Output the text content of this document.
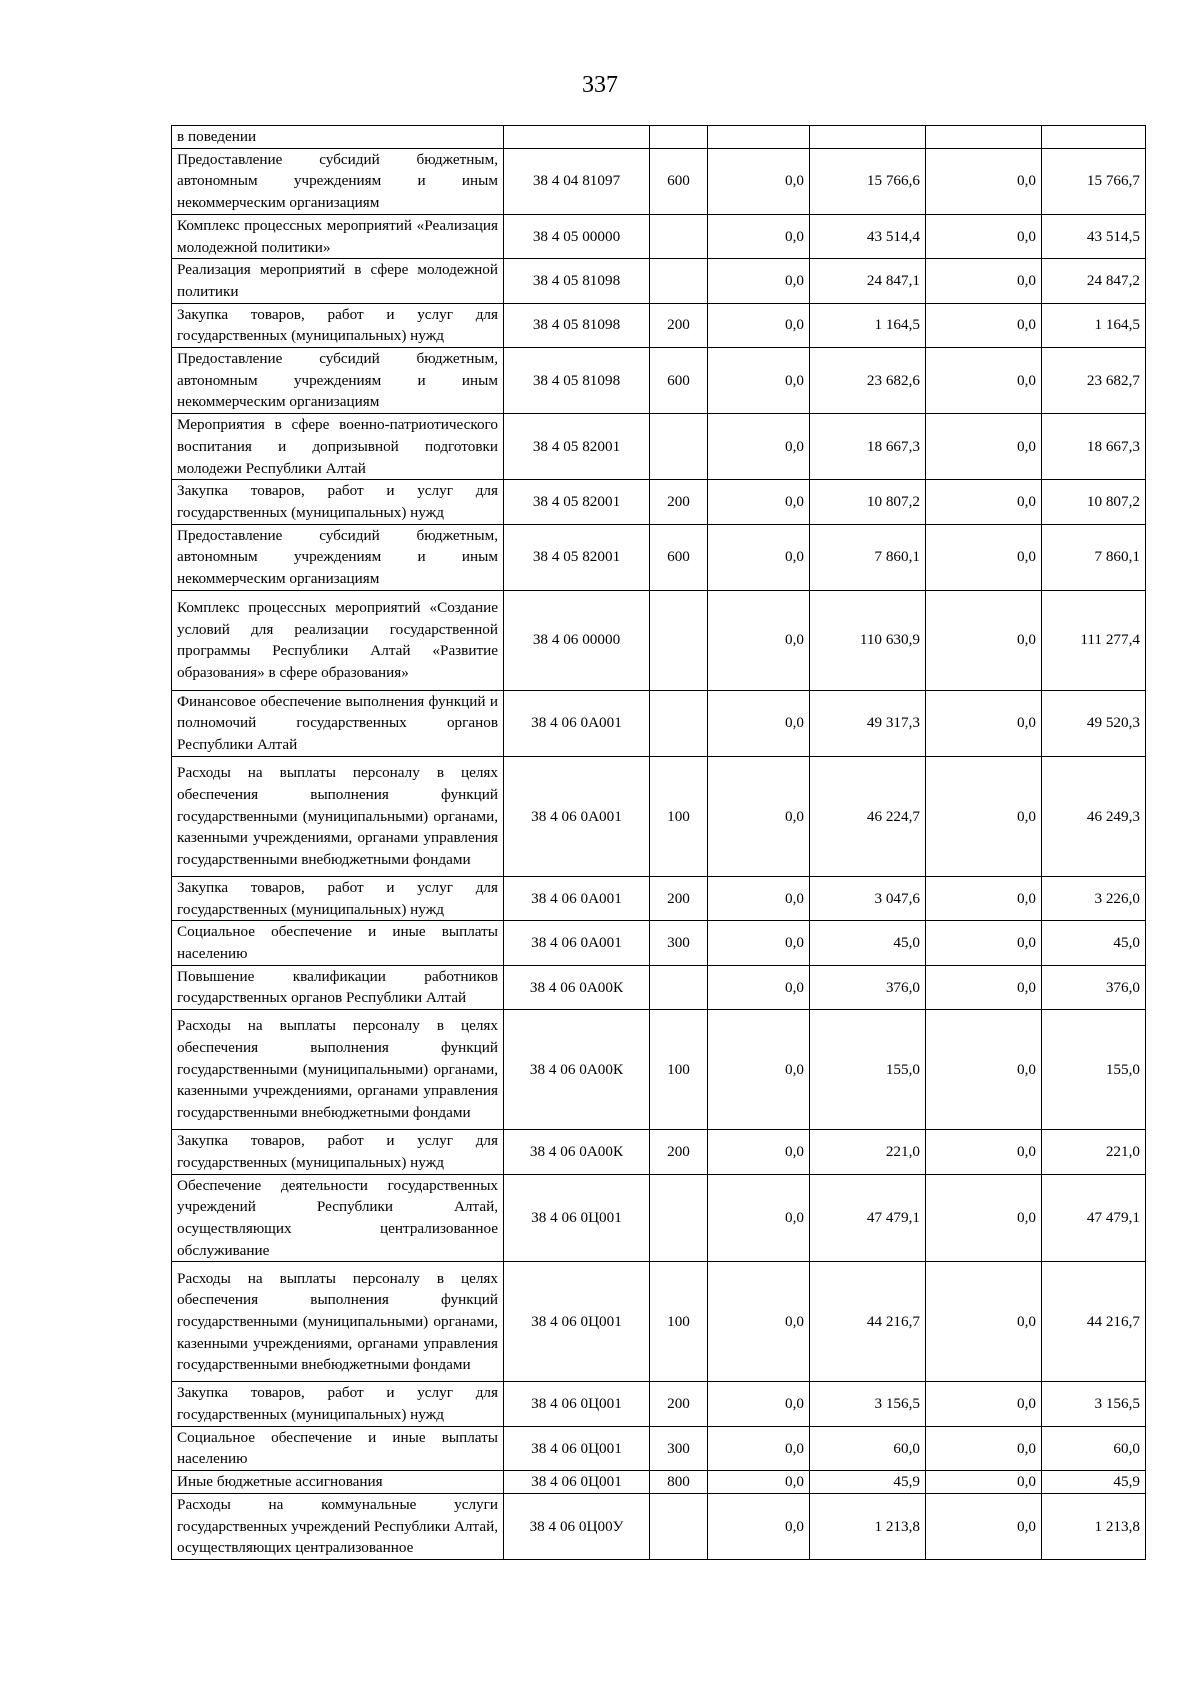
337
в поведении						
Предоставление субсидий бюджетным, автономным учреждениям и иным некоммерческим организациям	38 4 04 81097	600	0,0	15 766,6	0,0	15 766,7
Комплекс процессных мероприятий «Реализация молодежной политики»	38 4 05 00000		0,0	43 514,4	0,0	43 514,5
Реализация мероприятий в сфере молодежной политики	38 4 05 81098		0,0	24 847,1	0,0	24 847,2
Закупка товаров, работ и услуг для государственных (муниципальных) нужд	38 4 05 81098	200	0,0	1 164,5	0,0	1 164,5
Предоставление субсидий бюджетным, автономным учреждениям и иным некоммерческим организациям	38 4 05 81098	600	0,0	23 682,6	0,0	23 682,7
Мероприятия в сфере военно-патриотического воспитания и допризывной подготовки молодежи Республики Алтай	38 4 05 82001		0,0	18 667,3	0,0	18 667,3
Закупка товаров, работ и услуг для государственных (муниципальных) нужд	38 4 05 82001	200	0,0	10 807,2	0,0	10 807,2
Предоставление субсидий бюджетным, автономным учреждениям и иным некоммерческим организациям	38 4 05 82001	600	0,0	7 860,1	0,0	7 860,1
Комплекс процессных мероприятий «Создание условий для реализации государственной программы Республики Алтай «Развитие образования» в сфере образования»	38 4 06 00000		0,0	110 630,9	0,0	111 277,4
Финансовое обеспечение выполнения функций и полномочий государственных органов Республики Алтай	38 4 06 0А001		0,0	49 317,3	0,0	49 520,3
Расходы на выплаты персоналу в целях обеспечения выполнения функций государственными (муниципальными) органами, казенными учреждениями, органами управления государственными внебюджетными фондами	38 4 06 0А001	100	0,0	46 224,7	0,0	46 249,3
Закупка товаров, работ и услуг для государственных (муниципальных) нужд	38 4 06 0А001	200	0,0	3 047,6	0,0	3 226,0
Социальное обеспечение и иные выплаты населению	38 4 06 0А001	300	0,0	45,0	0,0	45,0
Повышение квалификации работников государственных органов Республики Алтай	38 4 06 0А00К		0,0	376,0	0,0	376,0
Расходы на выплаты персоналу в целях обеспечения выполнения функций государственными (муниципальными) органами, казенными учреждениями, органами управления государственными внебюджетными фондами	38 4 06 0А00К	100	0,0	155,0	0,0	155,0
Закупка товаров, работ и услуг для государственных (муниципальных) нужд	38 4 06 0А00К	200	0,0	221,0	0,0	221,0
Обеспечение деятельности государственных учреждений Республики Алтай, осуществляющих централизованное обслуживание	38 4 06 0Ц001		0,0	47 479,1	0,0	47 479,1
Расходы на выплаты персоналу в целях обеспечения выполнения функций государственными (муниципальными) органами, казенными учреждениями, органами управления государственными внебюджетными фондами	38 4 06 0Ц001	100	0,0	44 216,7	0,0	44 216,7
Закупка товаров, работ и услуг для государственных (муниципальных) нужд	38 4 06 0Ц001	200	0,0	3 156,5	0,0	3 156,5
Социальное обеспечение и иные выплаты населению	38 4 06 0Ц001	300	0,0	60,0	0,0	60,0
Иные бюджетные ассигнования	38 4 06 0Ц001	800	0,0	45,9	0,0	45,9
Расходы на коммунальные услуги государственных учреждений Республики Алтай, осуществляющих централизованное	38 4 06 0Ц00У		0,0	1 213,8	0,0	1 213,8
